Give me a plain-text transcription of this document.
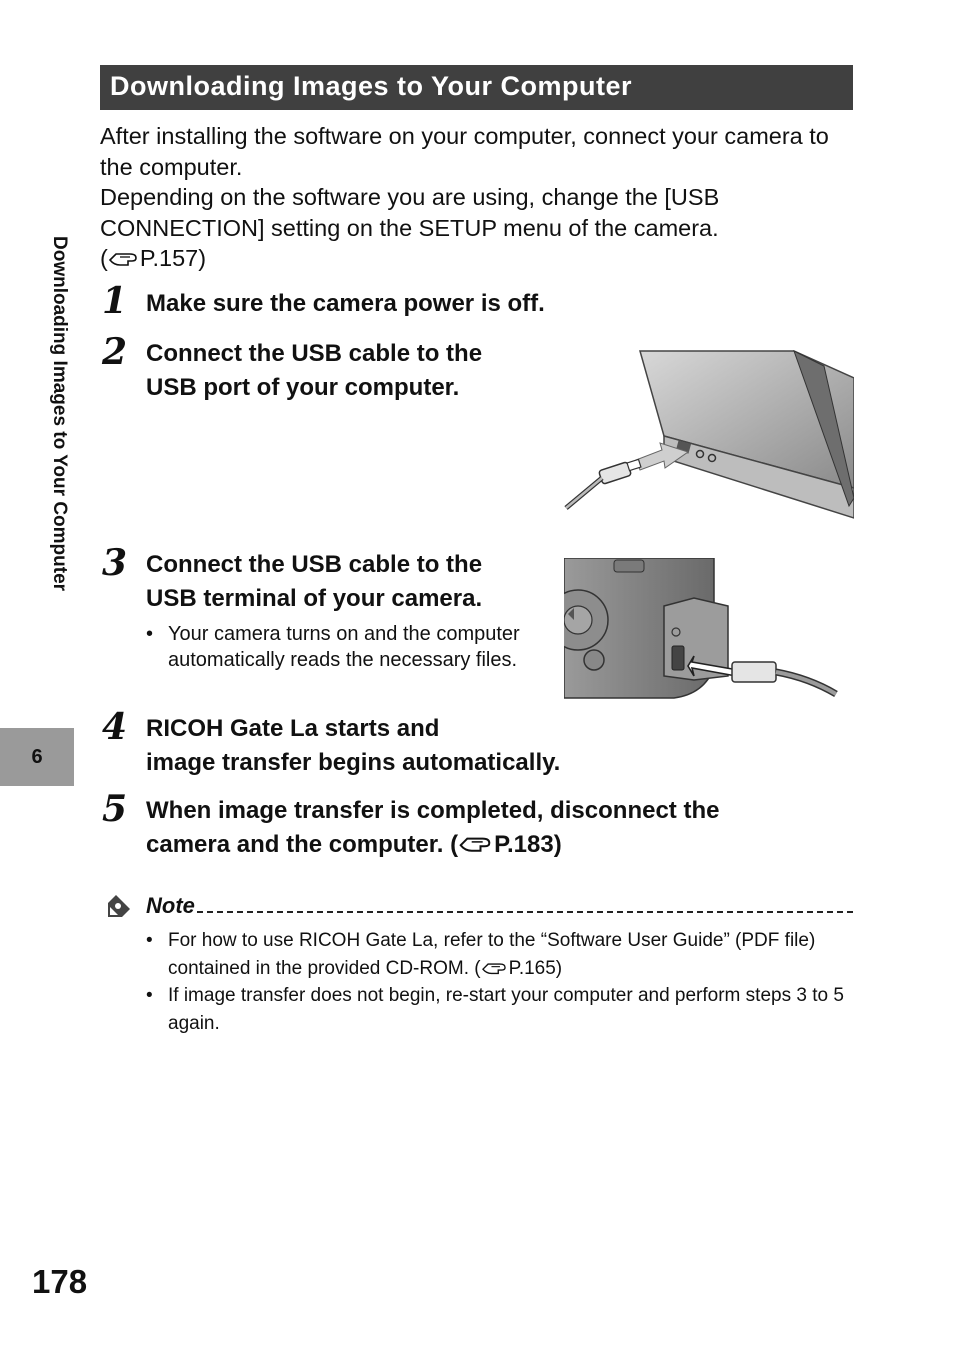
Downloading Images to Your Computer
6
Downloading Images to Your Computer

After installing the software on your computer, connect your camera to the computer.

Depending on the software you are using, change the [USB CONNECTION] setting on the SETUP menu of the camera.
( P.157)

1 Make sure the camera power is off.
2 Connect the USB cable to the
USB port of your computer.
3 Connect the USB cable to the
USB terminal of your camera.
• Your camera turns on and the computer automatically reads the necessary files.
4 RICOH Gate La starts and
image transfer begins automatically.
5 When image transfer is completed, disconnect the
camera and the computer. ( P.183)
Note

• For how to use RICOH Gate La, refer to the “Software User Guide” (PDF file) contained in the provided CD-ROM. ( P.165)

• If image transfer does not begin, re-start your computer and perform steps 3 to 5 again.

178
